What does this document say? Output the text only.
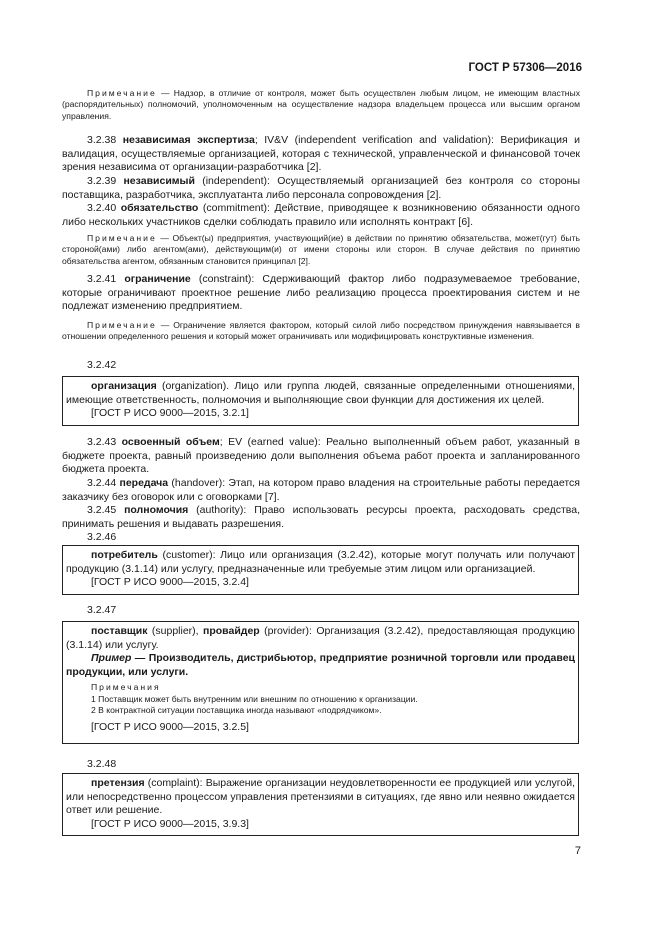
ГОСТ Р 57306—2016

Примечание — Надзор, в отличие от контроля, может быть осуществлен любым лицом, не имеющим властных (распорядительных) полномочий, уполномоченным на осуществление надзора владельцем процесса или высшим органом управления.

3.2.38 независимая экспертиза; IV&V (independent verification and validation): Верификация и валидация, осуществляемые организацией, которая с технической, управленческой и финансовой точек зрения независима от организации-разработчика [2].

3.2.39 независимый (independent): Осуществляемый организацией без контроля со стороны поставщика, разработчика, эксплуатанта либо персонала сопровождения [2].

3.2.40 обязательство (commitment): Действие, приводящее к возникновению обязанности одного либо нескольких участников сделки соблюдать правило или исполнять контракт [6].

Примечание — Объект(ы) предприятия, участвующий(ие) в действии по принятию обязательства, может(гут) быть стороной(ами) либо агентом(ами), действующим(и) от имени стороны или сторон. В случае действия по принятию обязательства агентом, обязанным становится принципал [2].

3.2.41 ограничение (constraint): Сдерживающий фактор либо подразумеваемое требование, которые ограничивают проектное решение либо реализацию процесса проектирования систем и не подлежат изменению предприятием.

Примечание — Ограничение является фактором, который силой либо посредством принуждения навязывается в отношении определенного решения и который может ограничивать или модифицировать конструктивные изменения.

3.2.42

организация (organization). Лицо или группа людей, связанные определенными отношениями, имеющие ответственность, полномочия и выполняющие свои функции для достижения их целей.

[ГОСТ Р ИСО 9000—2015, 3.2.1]

3.2.43 освоенный объем; EV (earned value): Реально выполненный объем работ, указанный в бюджете проекта, равный произведению доли выполнения объема работ проекта и запланированного бюджета проекта.

3.2.44 передача (handover): Этап, на котором право владения на строительные работы передается заказчику без оговорок или с оговорками [7].

3.2.45 полномочия (authority): Право использовать ресурсы проекта, расходовать средства, принимать решения и выдавать разрешения.

3.2.46

потребитель (customer): Лицо или организация (3.2.42), которые могут получать или получают продукцию (3.1.14) или услугу, предназначенные или требуемые этим лицом или организацией.

[ГОСТ Р ИСО 9000—2015, 3.2.4]

3.2.47

поставщик (supplier), провайдер (provider): Организация (3.2.42), предоставляющая продукцию (3.1.14) или услугу.

Пример — Производитель, дистрибьютор, предприятие розничной торговли или продавец продукции, или услуги.

Примечания

1 Поставщик может быть внутренним или внешним по отношению к организации.

2 В контрактной ситуации поставщика иногда называют «подрядчиком».

[ГОСТ Р ИСО 9000—2015, 3.2.5]

3.2.48

претензия (complaint): Выражение организации неудовлетворенности ее продукцией или услугой, или непосредственно процессом управления претензиями в ситуациях, где явно или неявно ожидается ответ или решение.

[ГОСТ Р ИСО 9000—2015, 3.9.3]

7
